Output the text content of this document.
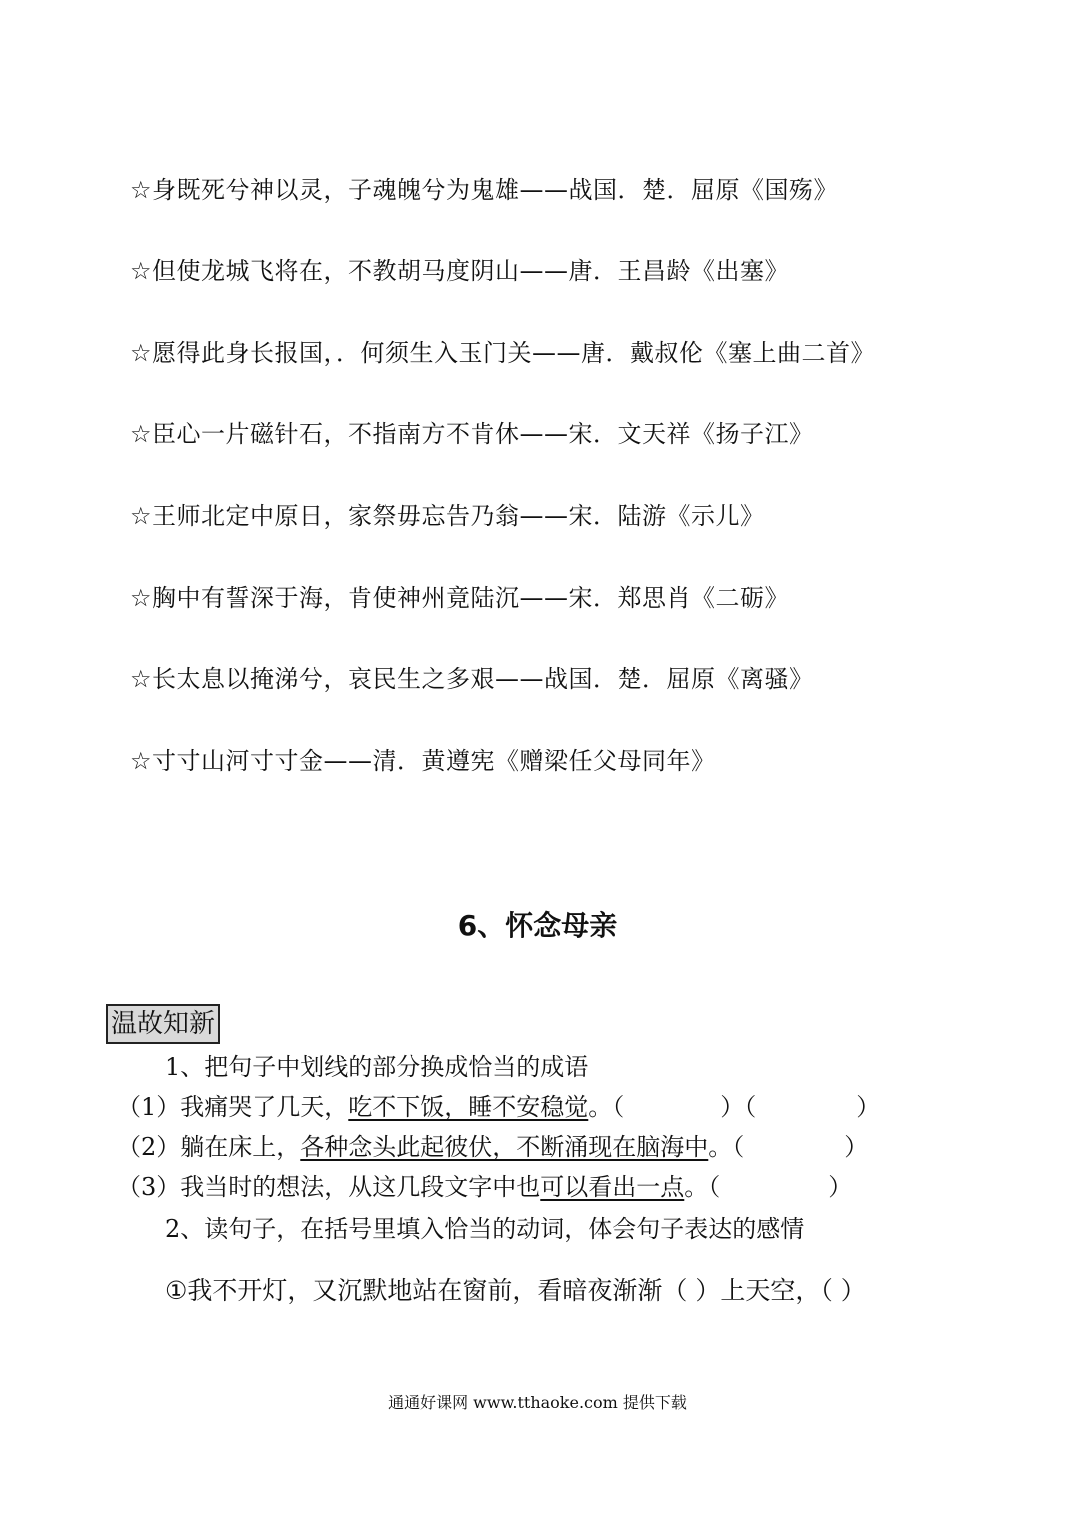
☆身既死兮神以灵，子魂魄兮为鬼雄——战国．楚．屈原《国殇》
☆但使龙城飞将在，不教胡马度阴山——唐．王昌龄《出塞》
☆愿得此身长报国，．何须生入玉门关——唐．戴叔伦《塞上曲二首》
☆臣心一片磁针石，不指南方不肯休——宋．文天祥《扬子江》
☆王师北定中原日，家祭毋忘告乃翁——宋．陆游《示儿》
☆胸中有誓深于海，肯使神州竟陆沉——宋．郑思肖《二砺》
☆长太息以掩涕兮，哀民生之多艰——战国．楚．屈原《离骚》
☆寸寸山河寸寸金——清．黄遵宪《赠梁任父母同年》
6、怀念母亲
温故知新
1、把句子中划线的部分换成恰当的成语
（1）我痛哭了几天，吃不下饭，睡不安稳觉。（	）（	）
（2）躺在床上，各种念头此起彼伏，不断涌现在脑海中。（	）
（3）我当时的想法，从这几段文字中也可以看出一点。（	）
2、读句子，在括号里填入恰当的动词，体会句子表达的感情
①我不开灯，又沉默地站在窗前，看暗夜渐渐（ ）上天空，（ ）
通通好课网 www.tthaoke.com 提供下载
